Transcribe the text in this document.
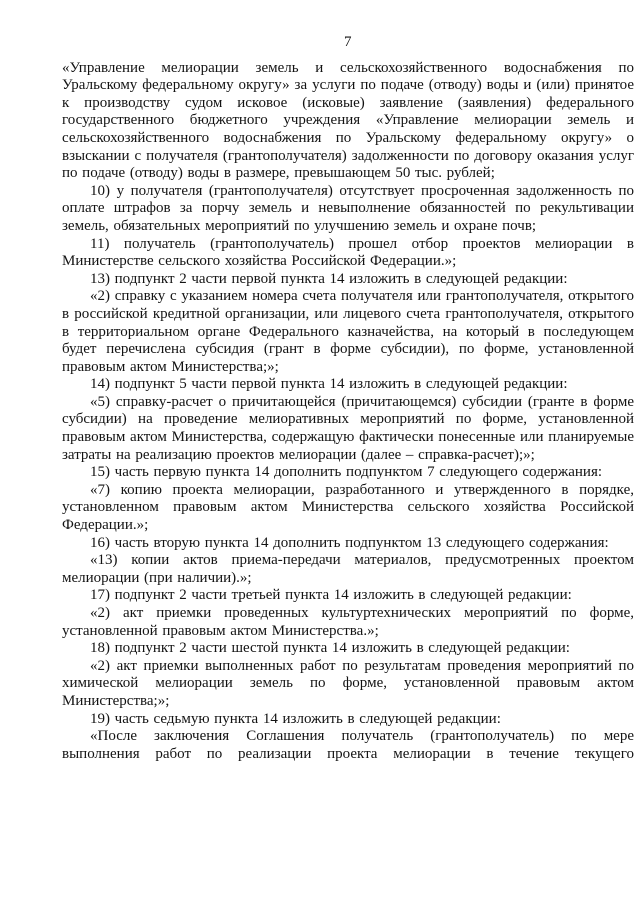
7

«Управление мелиорации земель и сельскохозяйственного водоснабжения по Уральскому федеральному округу» за услуги по подаче (отводу) воды и (или) принятое к производству судом исковое (исковые) заявление (заявления) федерального государственного бюджетного учреждения «Управление мелиорации земель и сельскохозяйственного водоснабжения по Уральскому федеральному округу» о взыскании с получателя (грантополучателя) задолженности по договору оказания услуг по подаче (отводу) воды в размере, превышающем 50 тыс. рублей;

10) у получателя (грантополучателя) отсутствует просроченная задолженность по оплате штрафов за порчу земель и невыполнение обязанностей по рекультивации земель, обязательных мероприятий по улучшению земель и охране почв;

11) получатель (грантополучатель) прошел отбор проектов мелиорации в Министерстве сельского хозяйства Российской Федерации.»;

13) подпункт 2 части первой пункта 14 изложить в следующей редакции:

«2) справку с указанием номера счета получателя или грантополучателя, открытого в российской кредитной организации, или лицевого счета грантополучателя, открытого в территориальном органе Федерального казначейства, на который в последующем будет перечислена субсидия (грант в форме субсидии), по форме, установленной правовым актом Министерства;»;

14) подпункт 5 части первой пункта 14 изложить в следующей редакции:

«5) справку-расчет о причитающейся (причитающемся) субсидии (гранте в форме субсидии) на проведение мелиоративных мероприятий по форме, установленной правовым актом Министерства, содержащую фактически понесенные или планируемые затраты на реализацию проектов мелиорации (далее – справка-расчет);»;

15) часть первую пункта 14 дополнить подпунктом 7 следующего содержания:

«7) копию проекта мелиорации, разработанного и утвержденного в порядке, установленном правовым актом Министерства сельского хозяйства Российской Федерации.»;

16) часть вторую пункта 14 дополнить подпунктом 13 следующего содержания:

«13) копии актов приема-передачи материалов, предусмотренных проектом мелиорации (при наличии).»;

17) подпункт 2 части третьей пункта 14 изложить в следующей редакции:

«2) акт приемки проведенных культуртехнических мероприятий по форме, установленной правовым актом Министерства.»;

18) подпункт 2 части шестой пункта 14 изложить в следующей редакции:

«2) акт приемки выполненных работ по результатам проведения мероприятий по химической мелиорации земель по форме, установленной правовым актом Министерства;»;

19) часть седьмую пункта 14 изложить в следующей редакции:

«После заключения Соглашения получатель (грантополучатель) по мере выполнения работ по реализации проекта мелиорации в течение текущего
